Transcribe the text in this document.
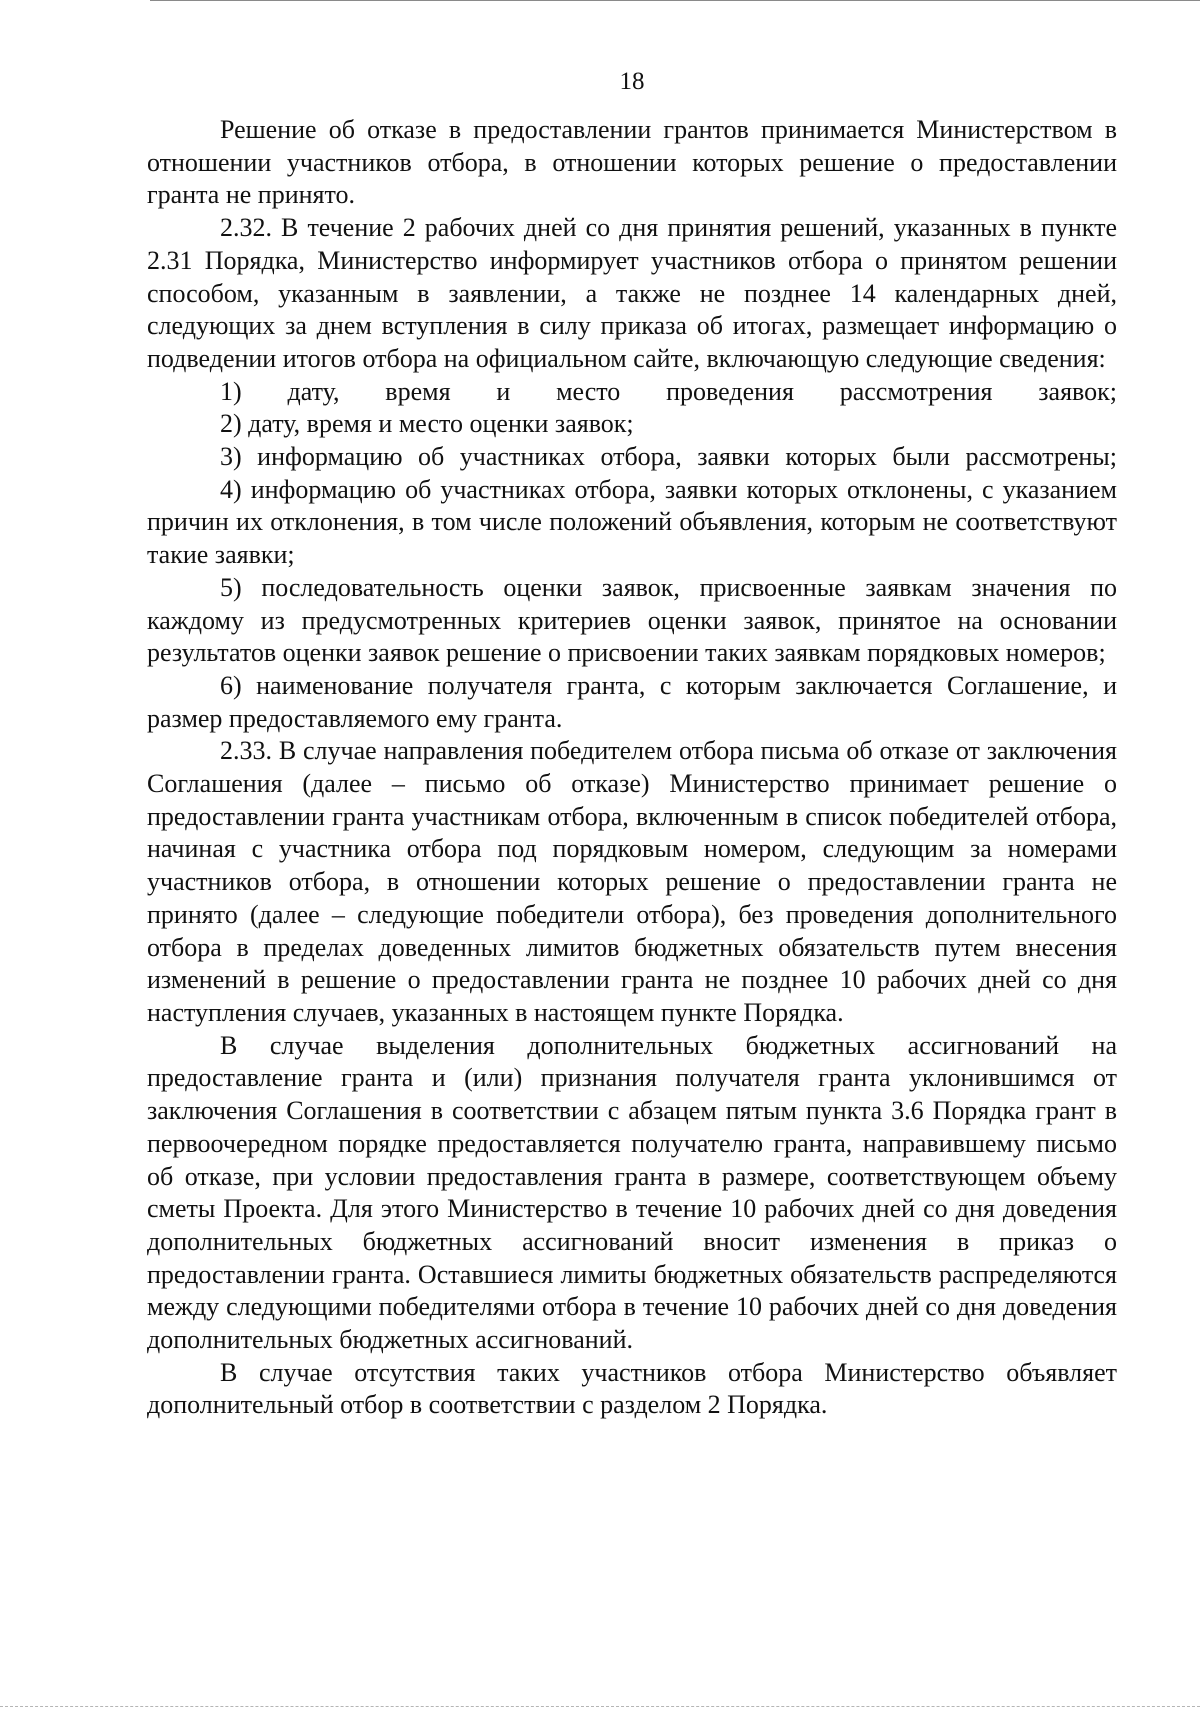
18

Решение об отказе в предоставлении грантов принимается Министерством в отношении участников отбора, в отношении которых решение о предоставлении гранта не принято.

2.32. В течение 2 рабочих дней со дня принятия решений, указанных в пункте 2.31 Порядка, Министерство информирует участников отбора о принятом решении способом, указанным в заявлении, а также не позднее 14 календарных дней, следующих за днем вступления в силу приказа об итогах, размещает информацию о подведении итогов отбора на официальном сайте, включающую следующие сведения:

1) дату, время и место проведения рассмотрения заявок;

2) дату, время и место оценки заявок;

3) информацию об участниках отбора, заявки которых были рассмотрены;

4) информацию об участниках отбора, заявки которых отклонены, с указанием причин их отклонения, в том числе положений объявления, которым не соответствуют такие заявки;

5) последовательность оценки заявок, присвоенные заявкам значения по каждому из предусмотренных критериев оценки заявок, принятое на основании результатов оценки заявок решение о присвоении таких заявкам порядковых номеров;

6) наименование получателя гранта, с которым заключается Соглашение, и размер предоставляемого ему гранта.

2.33. В случае направления победителем отбора письма об отказе от заключения Соглашения (далее – письмо об отказе) Министерство принимает решение о предоставлении гранта участникам отбора, включенным в список победителей отбора, начиная с участника отбора под порядковым номером, следующим за номерами участников отбора, в отношении которых решение о предоставлении гранта не принято (далее – следующие победители отбора), без проведения дополнительного отбора в пределах доведенных лимитов бюджетных обязательств путем внесения изменений в решение о предоставлении гранта не позднее 10 рабочих дней со дня наступления случаев, указанных в настоящем пункте Порядка.

В случае выделения дополнительных бюджетных ассигнований на предоставление гранта и (или) признания получателя гранта уклонившимся от заключения Соглашения в соответствии с абзацем пятым пункта 3.6 Порядка грант в первоочередном порядке предоставляется получателю гранта, направившему письмо об отказе, при условии предоставления гранта в размере, соответствующем объему сметы Проекта. Для этого Министерство в течение 10 рабочих дней со дня доведения дополнительных бюджетных ассигнований вносит изменения в приказ о предоставлении гранта. Оставшиеся лимиты бюджетных обязательств распределяются между следующими победителями отбора в течение 10 рабочих дней со дня доведения дополнительных бюджетных ассигнований.

В случае отсутствия таких участников отбора Министерство объявляет дополнительный отбор в соответствии с разделом 2 Порядка.
